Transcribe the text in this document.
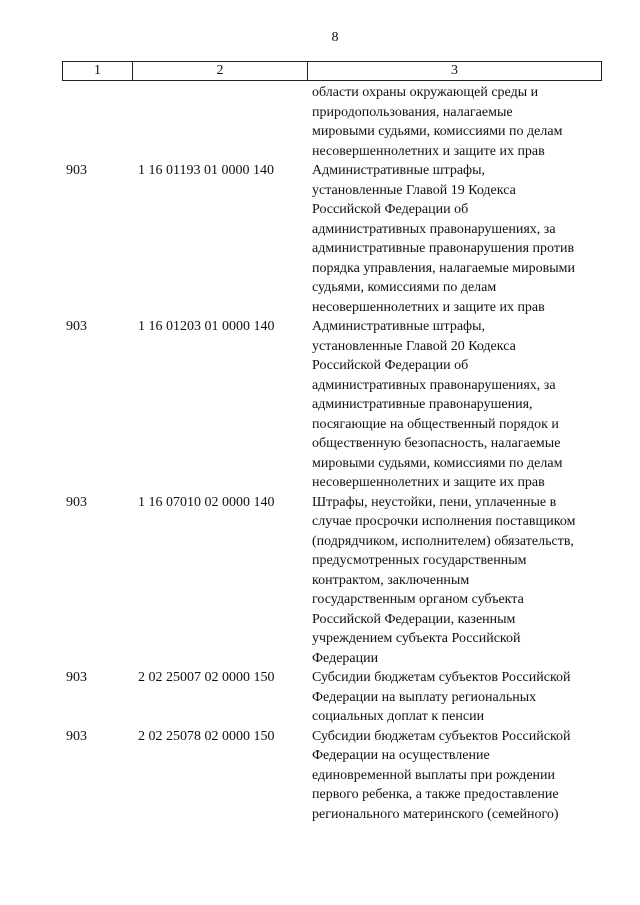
8
1	2	3
области охраны окружающей среды и
природопользования, налагаемые
мировыми судьями, комиссиями по делам
несовершеннолетних и защите их прав
903	1 16 01193 01 0000 140	Административные штрафы,
установленные Главой 19 Кодекса
Российской Федерации об
административных правонарушениях, за
административные правонарушения против
порядка управления, налагаемые мировыми
судьями, комиссиями по делам
несовершеннолетних и защите их прав
903	1 16 01203 01 0000 140	Административные штрафы,
установленные Главой 20 Кодекса
Российской Федерации об
административных правонарушениях, за
административные правонарушения,
посягающие на общественный порядок и
общественную безопасность, налагаемые
мировыми судьями, комиссиями по делам
несовершеннолетних и защите их прав
903	1 16 07010 02 0000 140	Штрафы, неустойки, пени, уплаченные в
случае просрочки исполнения поставщиком
(подрядчиком, исполнителем) обязательств,
предусмотренных государственным
контрактом, заключенным
государственным органом субъекта
Российской Федерации, казенным
учреждением субъекта Российской
Федерации
903	2 02 25007 02 0000 150	Субсидии бюджетам субъектов Российской
Федерации на выплату региональных
социальных доплат к пенсии
903	2 02 25078 02 0000 150	Субсидии бюджетам субъектов Российской
Федерации на осуществление
единовременной выплаты при рождении
первого ребенка, а также предоставление
регионального материнского (семейного)
